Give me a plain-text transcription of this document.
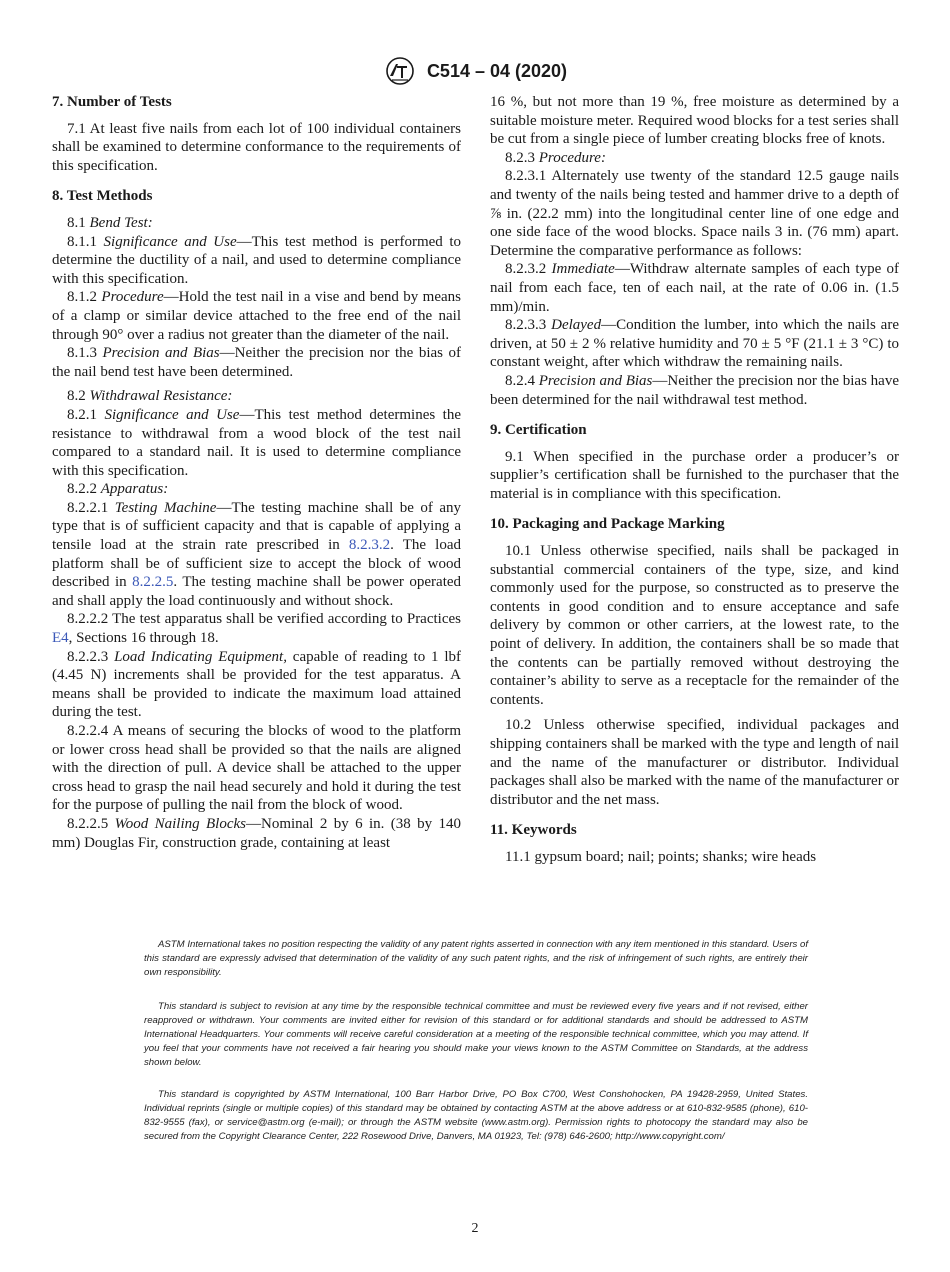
C514 – 04 (2020)
7. Number of Tests

7.1 At least five nails from each lot of 100 individual containers shall be examined to determine conformance to the requirements of this specification.

8. Test Methods

8.1 Bend Test:

8.1.1 Significance and Use—This test method is performed to determine the ductility of a nail, and used to determine compliance with this specification.

8.1.2 Procedure—Hold the test nail in a vise and bend by means of a clamp or similar device attached to the free end of the nail through 90° over a radius not greater than the diameter of the nail.

8.1.3 Precision and Bias—Neither the precision nor the bias of the nail bend test have been determined.

8.2 Withdrawal Resistance:

8.2.1 Significance and Use—This test method determines the resistance to withdrawal from a wood block of the test nail compared to a standard nail. It is used to determine compliance with this specification.

8.2.2 Apparatus:

8.2.2.1 Testing Machine—The testing machine shall be of any type that is of sufficient capacity and that is capable of applying a tensile load at the strain rate prescribed in 8.2.3.2. The load platform shall be of sufficient size to accept the block of wood described in 8.2.2.5. The testing machine shall be power operated and shall apply the load continuously and without shock.

8.2.2.2 The test apparatus shall be verified according to Practices E4, Sections 16 through 18.

8.2.2.3 Load Indicating Equipment, capable of reading to 1 lbf (4.45 N) increments shall be provided for the test apparatus. A means shall be provided to indicate the maximum load attained during the test.

8.2.2.4 A means of securing the blocks of wood to the platform or lower cross head shall be provided so that the nails are aligned with the direction of pull. A device shall be attached to the upper cross head to grasp the nail head securely and hold it during the test for the purpose of pulling the nail from the block of wood.

8.2.2.5 Wood Nailing Blocks—Nominal 2 by 6 in. (38 by 140 mm) Douglas Fir, construction grade, containing at least

16 %, but not more than 19 %, free moisture as determined by a suitable moisture meter. Required wood blocks for a test series shall be cut from a single piece of lumber creating blocks free of knots.

8.2.3 Procedure:

8.2.3.1 Alternately use twenty of the standard 12.5 gauge nails and twenty of the nails being tested and hammer drive to a depth of ⅞ in. (22.2 mm) into the longitudinal center line of one edge and one side face of the wood blocks. Space nails 3 in. (76 mm) apart. Determine the comparative performance as follows:

8.2.3.2 Immediate—Withdraw alternate samples of each type of nail from each face, ten of each nail, at the rate of 0.06 in. (1.5 mm)/min.

8.2.3.3 Delayed—Condition the lumber, into which the nails are driven, at 50 ± 2 % relative humidity and 70 ± 5 °F (21.1 ± 3 °C) to constant weight, after which withdraw the remaining nails.

8.2.4 Precision and Bias—Neither the precision nor the bias have been determined for the nail withdrawal test method.

9. Certification

9.1 When specified in the purchase order a producer’s or supplier’s certification shall be furnished to the purchaser that the material is in compliance with this specification.

10. Packaging and Package Marking

10.1 Unless otherwise specified, nails shall be packaged in substantial commercial containers of the type, size, and kind commonly used for the purpose, so constructed as to preserve the contents in good condition and to ensure acceptance and safe delivery by common or other carriers, at the lowest rate, to the point of delivery. In addition, the containers shall be so made that the contents can be partially removed without destroying the container’s ability to serve as a receptacle for the remainder of the contents.

10.2 Unless otherwise specified, individual packages and shipping containers shall be marked with the type and length of nail and the name of the manufacturer or distributor. Individual packages shall also be marked with the name of the manufacturer or distributor and the net mass.

11. Keywords

11.1 gypsum board; nail; points; shanks; wire heads

ASTM International takes no position respecting the validity of any patent rights asserted in connection with any item mentioned in this standard. Users of this standard are expressly advised that determination of the validity of any such patent rights, and the risk of infringement of such rights, are entirely their own responsibility.

This standard is subject to revision at any time by the responsible technical committee and must be reviewed every five years and if not revised, either reapproved or withdrawn. Your comments are invited either for revision of this standard or for additional standards and should be addressed to ASTM International Headquarters. Your comments will receive careful consideration at a meeting of the responsible technical committee, which you may attend. If you feel that your comments have not received a fair hearing you should make your views known to the ASTM Committee on Standards, at the address shown below.

This standard is copyrighted by ASTM International, 100 Barr Harbor Drive, PO Box C700, West Conshohocken, PA 19428-2959, United States. Individual reprints (single or multiple copies) of this standard may be obtained by contacting ASTM at the above address or at 610-832-9585 (phone), 610-832-9555 (fax), or service@astm.org (e-mail); or through the ASTM website (www.astm.org). Permission rights to photocopy the standard may also be secured from the Copyright Clearance Center, 222 Rosewood Drive, Danvers, MA 01923, Tel: (978) 646-2600; http://www.copyright.com/

2
